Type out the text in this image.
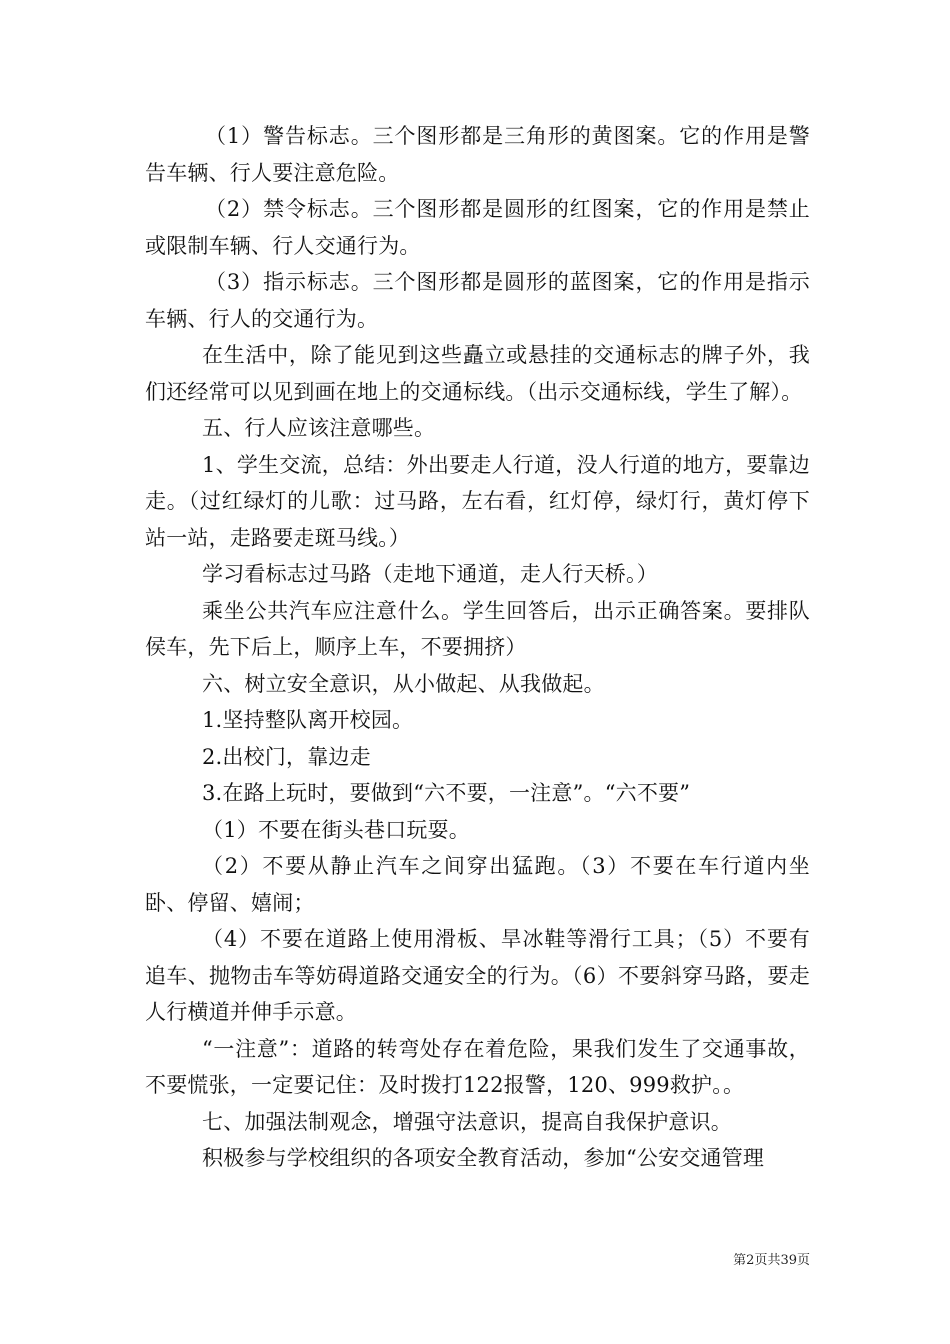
（1）警告标志。三个图形都是三角形的黄图案。它的作用是警告车辆、行人要注意危险。

（2）禁令标志。三个图形都是圆形的红图案，它的作用是禁止或限制车辆、行人交通行为。

（3）指示标志。三个图形都是圆形的蓝图案，它的作用是指示车辆、行人的交通行为。

在生活中，除了能见到这些矗立或悬挂的交通标志的牌子外，我们还经常可以见到画在地上的交通标线。（出示交通标线，学生了解）。

五、行人应该注意哪些。

1、学生交流，总结：外出要走人行道，没人行道的地方，要靠边走。（过红绿灯的儿歌：过马路，左右看，红灯停，绿灯行，黄灯停下站一站，走路要走斑马线。）

学习看标志过马路（走地下通道，走人行天桥。）

乘坐公共汽车应注意什么。学生回答后，出示正确答案。要排队侯车，先下后上，顺序上车，不要拥挤）

六、树立安全意识，从小做起、从我做起。

1.坚持整队离开校园。

2.出校门，靠边走

3.在路上玩时，要做到“六不要，一注意”。“六不要”

（1）不要在街头巷口玩耍。

（2）不要从静止汽车之间穿出猛跑。（3）不要在车行道内坐卧、停留、嬉闹；

（4）不要在道路上使用滑板、旱冰鞋等滑行工具；（5）不要有追车、抛物击车等妨碍道路交通安全的行为。（6）不要斜穿马路，要走人行横道并伸手示意。

“一注意”：道路的转弯处存在着危险，果我们发生了交通事故，不要慌张，一定要记住：及时拨打122报警，120、999救护。。

七、加强法制观念，增强守法意识，提高自我保护意识。

积极参与学校组织的各项安全教育活动，参加“公安交通管理

第2页共39页
